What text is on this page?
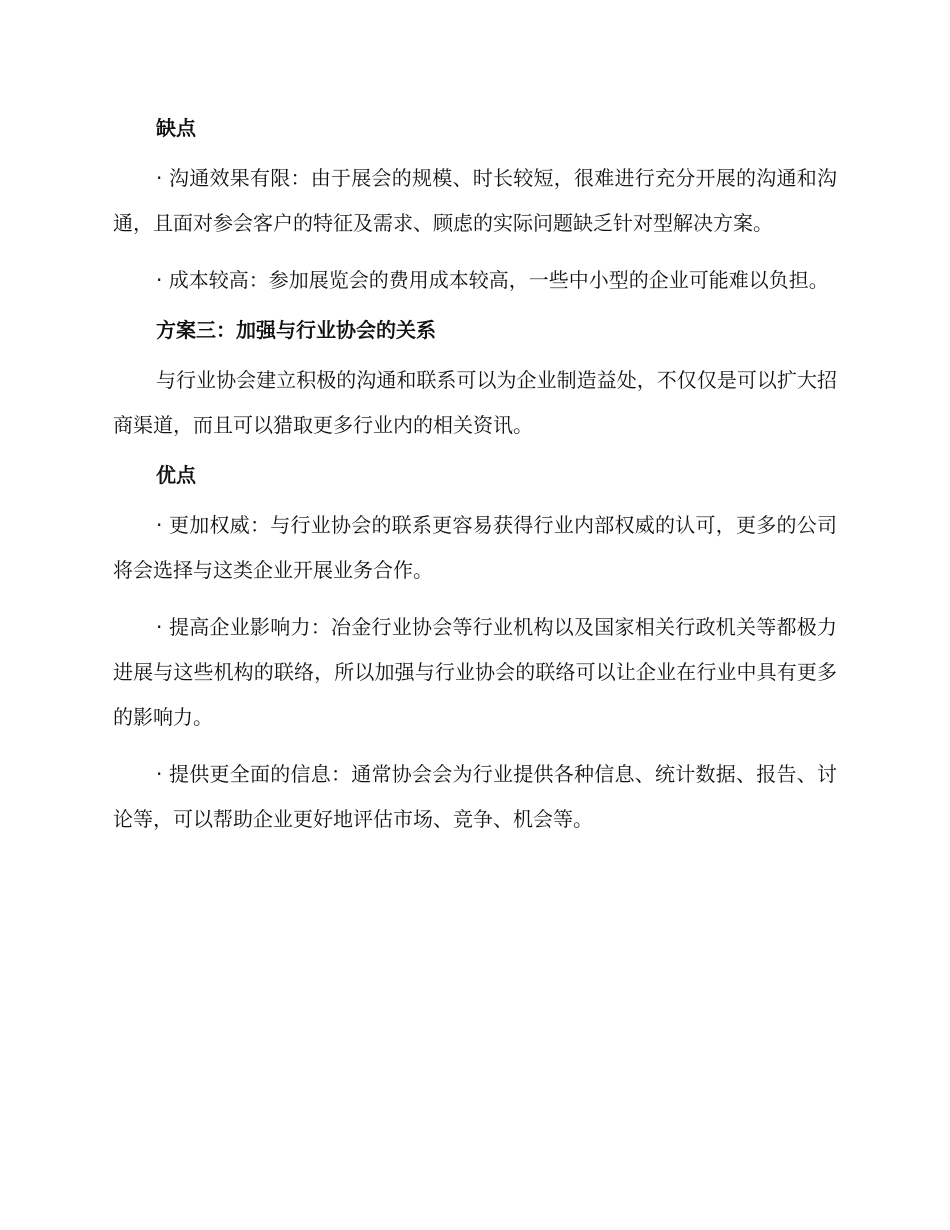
缺点

· 沟通效果有限：由于展会的规模、时长较短，很难进行充分开展的沟通和沟通，且面对参会客户的特征及需求、顾虑的实际问题缺乏针对型解决方案。

· 成本较高：参加展览会的费用成本较高，一些中小型的企业可能难以负担。

方案三：加强与行业协会的关系

与行业协会建立积极的沟通和联系可以为企业制造益处，不仅仅是可以扩大招商渠道，而且可以猎取更多行业内的相关资讯。

优点

· 更加权威：与行业协会的联系更容易获得行业内部权威的认可，更多的公司将会选择与这类企业开展业务合作。

· 提高企业影响力：冶金行业协会等行业机构以及国家相关行政机关等都极力进展与这些机构的联络，所以加强与行业协会的联络可以让企业在行业中具有更多的影响力。

· 提供更全面的信息：通常协会会为行业提供各种信息、统计数据、报告、讨论等，可以帮助企业更好地评估市场、竞争、机会等。
